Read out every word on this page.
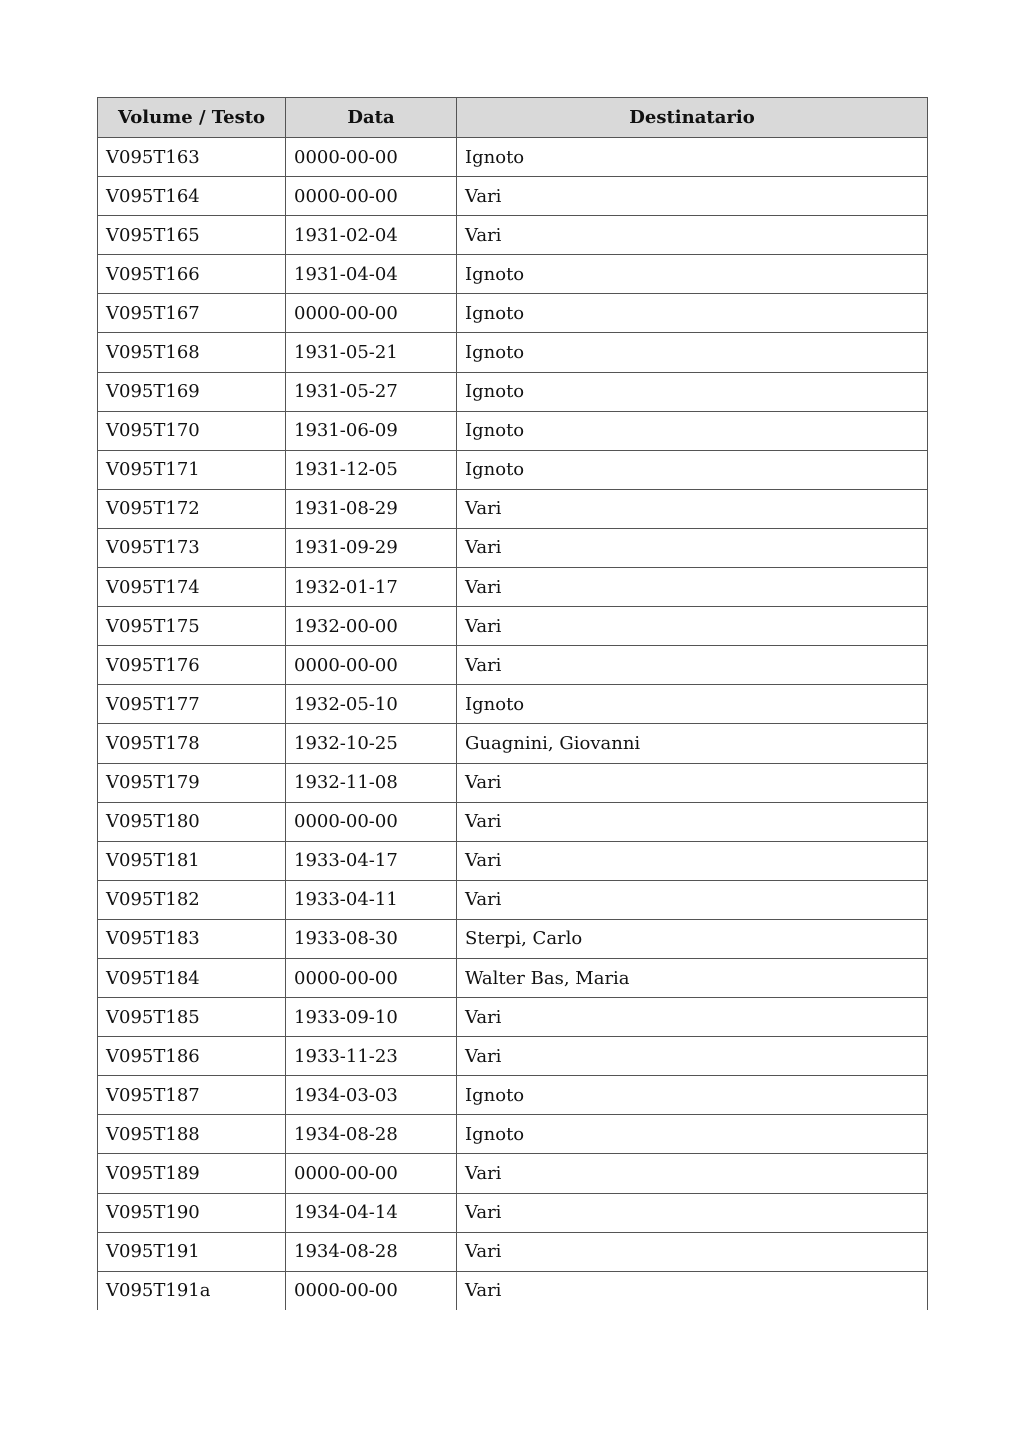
Volume / Testo	Data	Destinatario
V095T163	0000-00-00	Ignoto
V095T164	0000-00-00	Vari
V095T165	1931-02-04	Vari
V095T166	1931-04-04	Ignoto
V095T167	0000-00-00	Ignoto
V095T168	1931-05-21	Ignoto
V095T169	1931-05-27	Ignoto
V095T170	1931-06-09	Ignoto
V095T171	1931-12-05	Ignoto
V095T172	1931-08-29	Vari
V095T173	1931-09-29	Vari
V095T174	1932-01-17	Vari
V095T175	1932-00-00	Vari
V095T176	0000-00-00	Vari
V095T177	1932-05-10	Ignoto
V095T178	1932-10-25	Guagnini, Giovanni
V095T179	1932-11-08	Vari
V095T180	0000-00-00	Vari
V095T181	1933-04-17	Vari
V095T182	1933-04-11	Vari
V095T183	1933-08-30	Sterpi, Carlo
V095T184	0000-00-00	Walter Bas, Maria
V095T185	1933-09-10	Vari
V095T186	1933-11-23	Vari
V095T187	1934-03-03	Ignoto
V095T188	1934-08-28	Ignoto
V095T189	0000-00-00	Vari
V095T190	1934-04-14	Vari
V095T191	1934-08-28	Vari
V095T191a	0000-00-00	Vari
